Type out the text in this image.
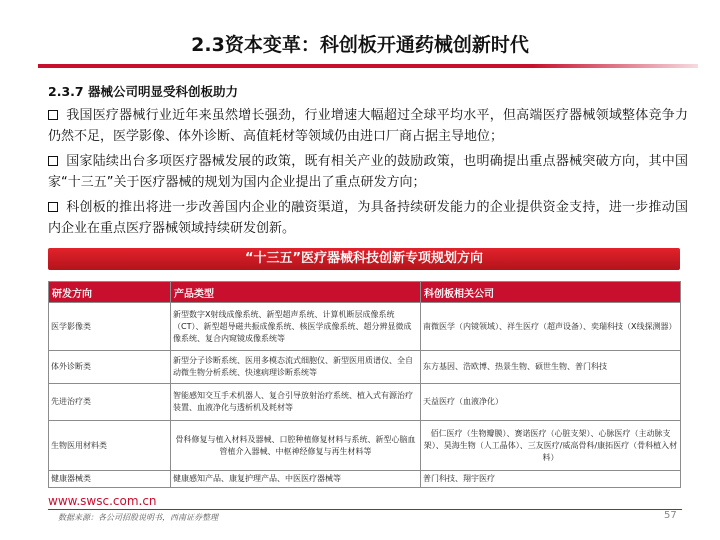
2.3资本变革：科创板开通药械创新时代
2.3.7 器械公司明显受科创板助力
我国医疗器械行业近年来虽然增长强劲，行业增速大幅超过全球平均水平，但高端医疗器械领域整体竞争力仍然不足，医学影像、体外诊断、高值耗材等领域仍由进口厂商占据主导地位；
国家陆续出台多项医疗器械发展的政策，既有相关产业的鼓励政策，也明确提出重点器械突破方向，其中国家“十三五”关于医疗器械的规划为国内企业提出了重点研发方向；
科创板的推出将进一步改善国内企业的融资渠道，为具备持续研发能力的企业提供资金支持，进一步推动国内企业在重点医疗器械领域持续研发创新。
“十三五”医疗器械科技创新专项规划方向
研发方向	产品类型	科创板相关公司
医学影像类	新型数字X射线成像系统、新型超声系统、计算机断层成像系统（CT）、新型超导磁共振成像系统、核医学成像系统、超分辨显微成像系统、复合内窥镜成像系统等	南微医学（内镜领域）、祥生医疗（超声设备）、奕瑞科技（X线探测器）
体外诊断类	新型分子诊断系统、医用多模态流式细胞仪、新型医用质谱仪、全自动微生物分析系统、快速病理诊断系统等	东方基因、浩欧博、热景生物、硕世生物、普门科技
先进治疗类	智能感知交互手术机器人、复合引导放射治疗系统、植入式有源治疗装置、血液净化与透析机及耗材等	天益医疗（血液净化）
生物医用材料类	骨科修复与植入材料及器械、口腔种植修复材料与系统、新型心脑血管植介入器械、中枢神经修复与再生材料等	佰仁医疗（生物瓣膜）、赛诺医疗（心脏支架）、心脉医疗（主动脉支架）、昊海生物（人工晶体）、三友医疗/威高骨科/康拓医疗（骨科植入材料）
健康器械类	健康感知产品、康复护理产品、中医医疗器械等	普门科技、翔宇医疗
www.swsc.com.cn
数据来源：各公司招股说明书，西南证券整理	57
